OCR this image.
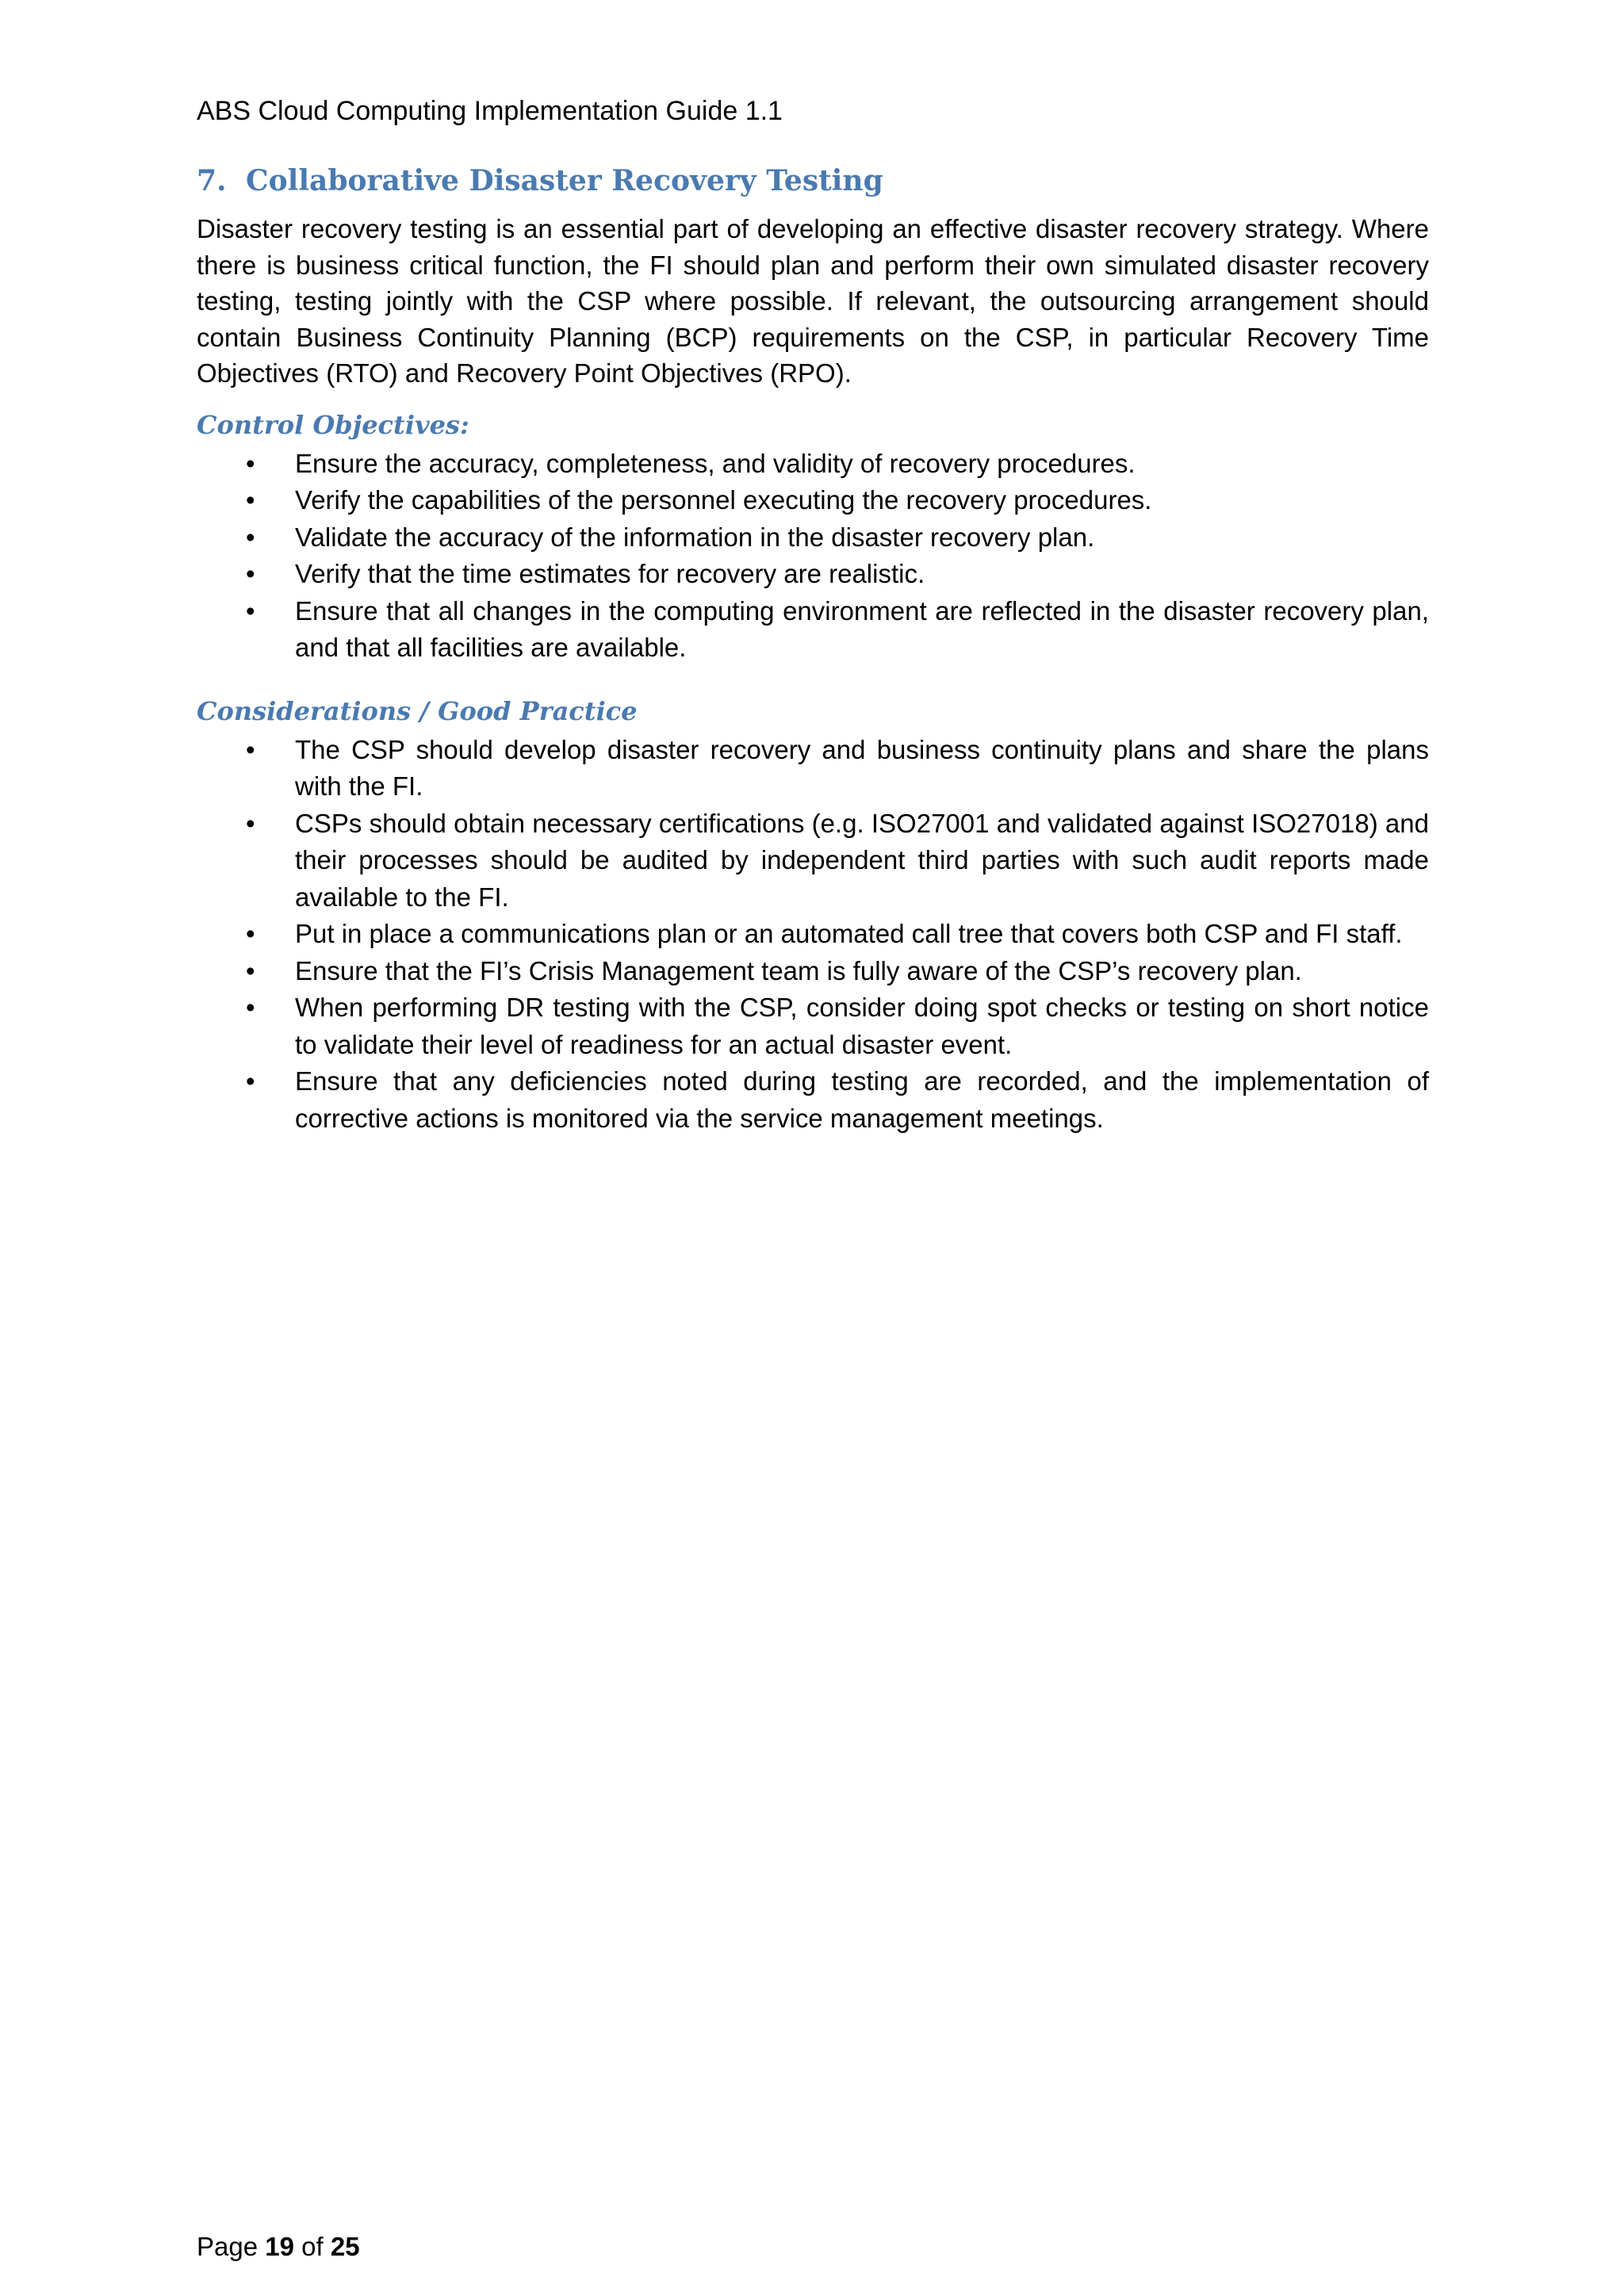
ABS Cloud Computing Implementation Guide 1.1
7. Collaborative Disaster Recovery Testing

Disaster recovery testing is an essential part of developing an effective disaster recovery strategy. Where there is business critical function, the FI should plan and perform their own simulated disaster recovery testing, testing jointly with the CSP where possible. If relevant, the outsourcing arrangement should contain Business Continuity Planning (BCP) requirements on the CSP, in particular Recovery Time Objectives (RTO) and Recovery Point Objectives (RPO).

Control Objectives:
• Ensure the accuracy, completeness, and validity of recovery procedures.
• Verify the capabilities of the personnel executing the recovery procedures.
• Validate the accuracy of the information in the disaster recovery plan.
• Verify that the time estimates for recovery are realistic.
• Ensure that all changes in the computing environment are reflected in the disaster recovery plan, and that all facilities are available.
Considerations / Good Practice
• The CSP should develop disaster recovery and business continuity plans and share the plans with the FI.
• CSPs should obtain necessary certifications (e.g. ISO27001 and validated against ISO27018) and their processes should be audited by independent third parties with such audit reports made available to the FI.
• Put in place a communications plan or an automated call tree that covers both CSP and FI staff.
• Ensure that the FI’s Crisis Management team is fully aware of the CSP’s recovery plan.
• When performing DR testing with the CSP, consider doing spot checks or testing on short notice to validate their level of readiness for an actual disaster event.
• Ensure that any deficiencies noted during testing are recorded, and the implementation of corrective actions is monitored via the service management meetings.
Page 19 of 25
